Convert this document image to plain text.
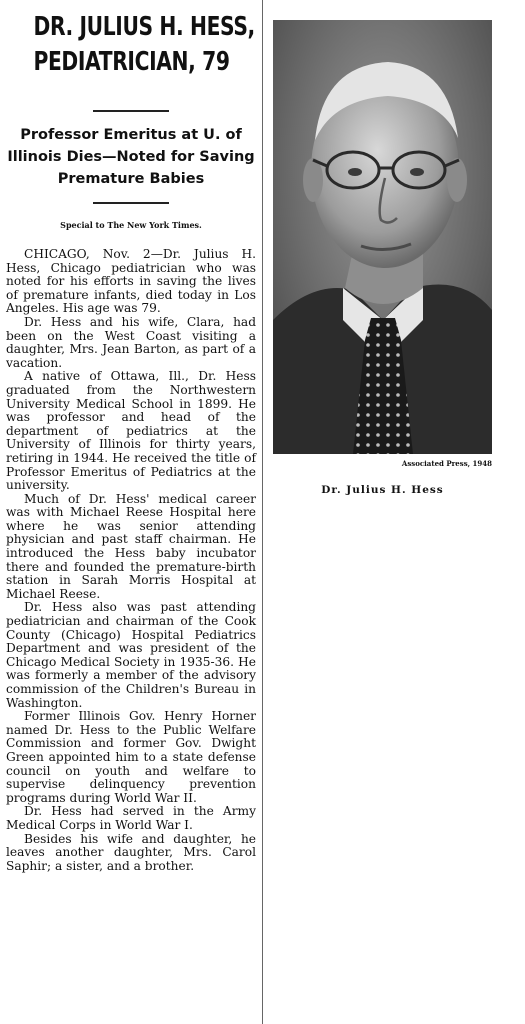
DR. JULIUS H. HESS,
PEDIATRICIAN, 79

Professor Emeritus at U. of Illinois Dies—Noted for Saving Premature Babies

Special to The New York Times.

CHICAGO, Nov. 2—Dr. Julius H. Hess, Chicago pediatrician who was noted for his efforts in saving the lives of premature infants, died today in Los Angeles. His age was 79.

Dr. Hess and his wife, Clara, had been on the West Coast visiting a daughter, Mrs. Jean Barton, as part of a vacation.

A native of Ottawa, Ill., Dr. Hess graduated from the Northwestern University Medical School in 1899. He was professor and head of the department of pediatrics at the University of Illinois for thirty years, retiring in 1944. He received the title of Professor Emeritus of Pediatrics at the university.

Much of Dr. Hess' medical career was with Michael Reese Hospital here where he was senior attending physician and past staff chairman. He introduced the Hess baby incubator there and founded the premature-birth station in Sarah Morris Hospital at Michael Reese.

Dr. Hess also was past attending pediatrician and chairman of the Cook County (Chicago) Hospital Pediatrics Department and was president of the Chicago Medical Society in 1935-36. He was formerly a member of the advisory commission of the Children's Bureau in Washington.

Former Illinois Gov. Henry Horner named Dr. Hess to the Public Welfare Commission and former Gov. Dwight Green appointed him to a state defense council on youth and welfare to supervise delinquency prevention programs during World War II.

Dr. Hess had served in the Army Medical Corps in World War I.

Besides his wife and daughter, he leaves another daughter, Mrs. Carol Saphir; a sister, and a brother.

Associated Press, 1948
Dr. Julius H. Hess
